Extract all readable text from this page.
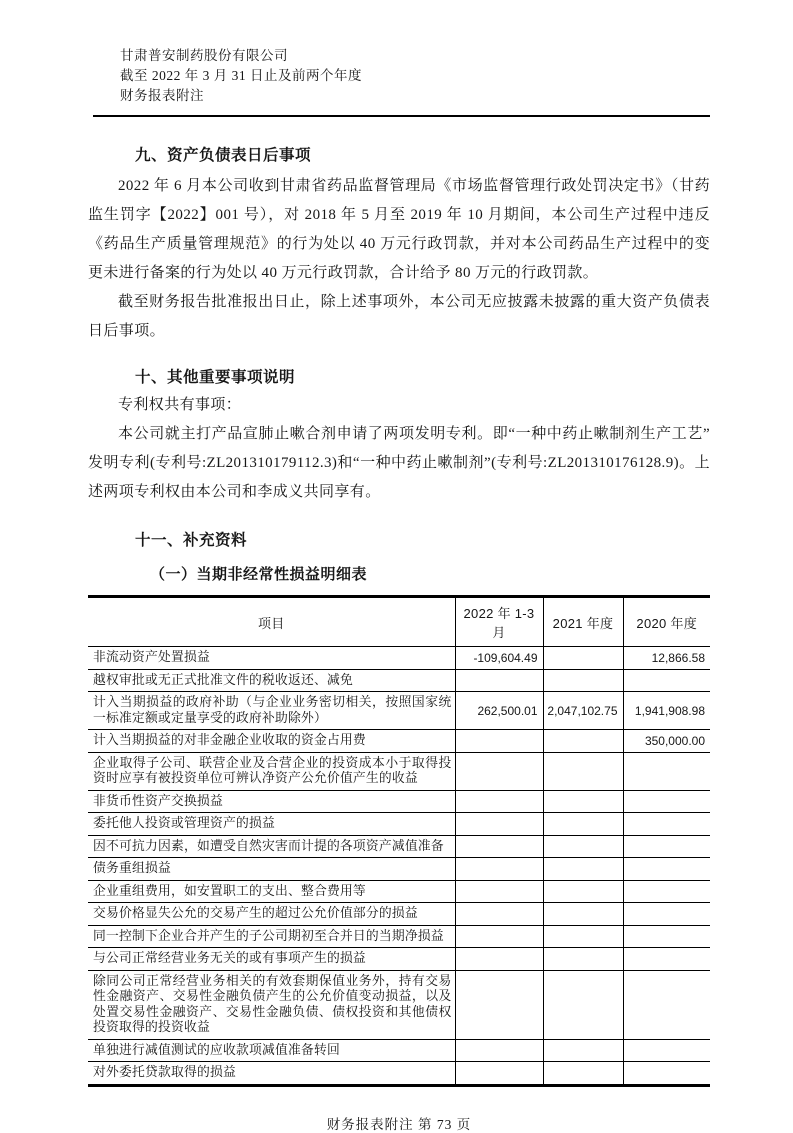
甘肃普安制药股份有限公司
截至 2022 年 3 月 31 日止及前两个年度
财务报表附注
九、资产负债表日后事项

2022 年 6 月本公司收到甘肃省药品监督管理局《市场监督管理行政处罚决定书》（甘药监生罚字【2022】001 号），对 2018 年 5 月至 2019 年 10 月期间，本公司生产过程中违反《药品生产质量管理规范》的行为处以 40 万元行政罚款，并对本公司药品生产过程中的变更未进行备案的行为处以 40 万元行政罚款，合计给予 80 万元的行政罚款。

截至财务报告批准报出日止，除上述事项外，本公司无应披露未披露的重大资产负债表日后事项。

十、其他重要事项说明

专利权共有事项：

本公司就主打产品宣肺止嗽合剂申请了两项发明专利。即“一种中药止嗽制剂生产工艺”发明专利(专利号:ZL201310179112.3)和“一种中药止嗽制剂”(专利号:ZL201310176128.9)。上述两项专利权由本公司和李成义共同享有。

十一、补充资料
（一）当期非经常性损益明细表
项目	2022 年 1-3 月	2021 年度	2020 年度
非流动资产处置损益	-109,604.49		12,866.58
越权审批或无正式批准文件的税收返还、减免			
计入当期损益的政府补助（与企业业务密切相关，按照国家统一标准定额或定量享受的政府补助除外）	262,500.01	2,047,102.75	1,941,908.98
计入当期损益的对非金融企业收取的资金占用费			350,000.00
企业取得子公司、联营企业及合营企业的投资成本小于取得投资时应享有被投资单位可辨认净资产公允价值产生的收益			
非货币性资产交换损益			
委托他人投资或管理资产的损益			
因不可抗力因素，如遭受自然灾害而计提的各项资产减值准备			
债务重组损益			
企业重组费用，如安置职工的支出、整合费用等			
交易价格显失公允的交易产生的超过公允价值部分的损益			
同一控制下企业合并产生的子公司期初至合并日的当期净损益			
与公司正常经营业务无关的或有事项产生的损益			
除同公司正常经营业务相关的有效套期保值业务外，持有交易性金融资产、交易性金融负债产生的公允价值变动损益，以及处置交易性金融资产、交易性金融负债、债权投资和其他债权投资取得的投资收益			
单独进行减值测试的应收款项减值准备转回			
对外委托贷款取得的损益			
财务报表附注 第 73 页
